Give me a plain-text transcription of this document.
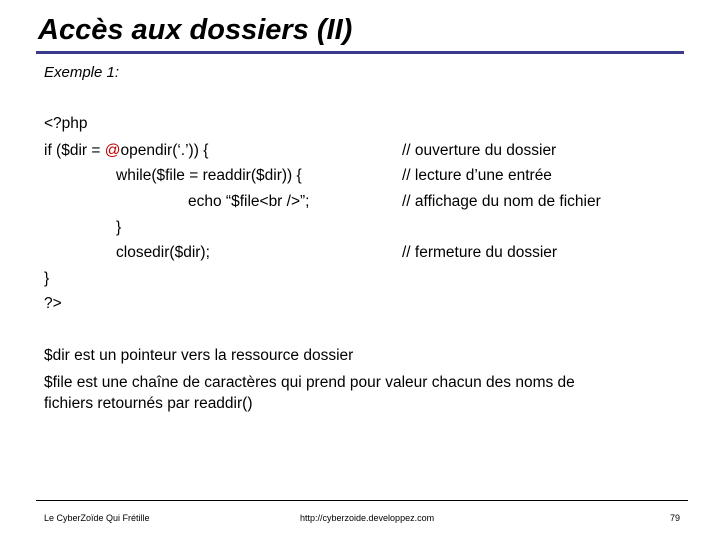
Accès aux dossiers (II)
Exemple 1:
<?php
if ($dir = @opendir(‘.’)) {
while($file = readdir($dir)) {
echo “$file<br />”;
}
closedir($dir);
}
?>
// ouverture du dossier
// lecture d’une entrée
// affichage du nom de fichier
// fermeture du dossier
$dir est un pointeur vers la ressource dossier
$file est une chaîne de caractères qui prend pour valeur chacun des noms de
fichiers retournés par readdir()
Le CyberZoïde Qui Frétille	http://cyberzoide.developpez.com	79
